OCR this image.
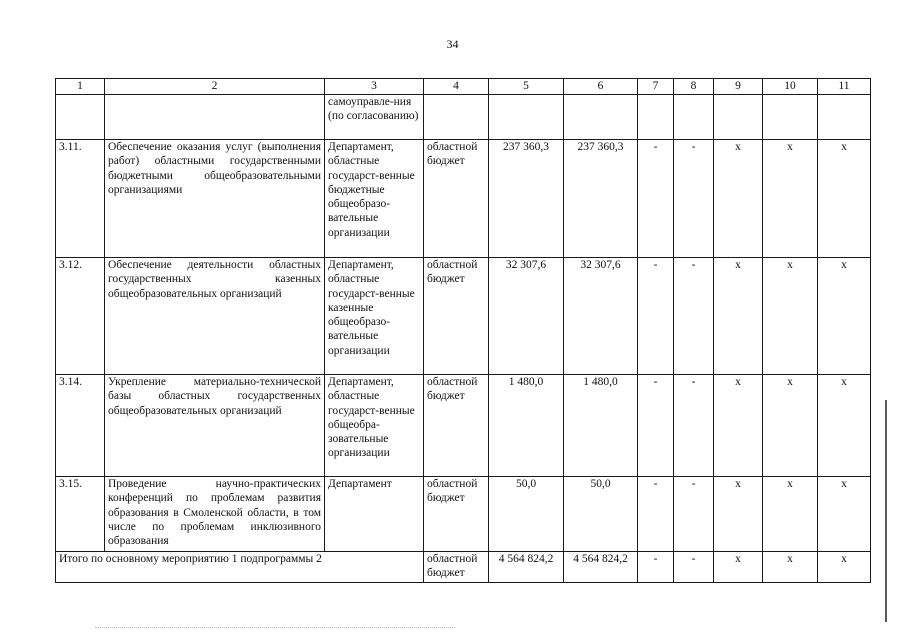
34
1	2	3	4	5	6	7	8	9	10	11
		самоуправле-ния (по согласованию)								
3.11.	Обеспечение оказания услуг (выполнения работ) областными государственными бюджетными общеобразовательными организациями	Департамент, областные государст-венные бюджетные общеобразо-вательные организации	областной бюджет	237 360,3	237 360,3	-	-	х	х	х
3.12.	Обеспечение деятельности областных государственных казенных общеобразовательных организаций	Департамент, областные государст-венные казенные общеобразо-вательные организации	областной бюджет	32 307,6	32 307,6	-	-	х	х	х
3.14.	Укрепление материально-технической базы областных государственных общеобразовательных организаций	Департамент, областные государст-венные общеобра-зовательные организации	областной бюджет	1 480,0	1 480,0	-	-	х	х	х
3.15.	Проведение научно-практических конференций по проблемам развития образования в Смоленской области, в том числе по проблемам инклюзивного образования	Департамент	областной бюджет	50,0	50,0	-	-	х	х	х
Итого по основному мероприятию 1 подпрограммы 2			областной бюджет	4 564 824,2	4 564 824,2	-	-	х	х	х
